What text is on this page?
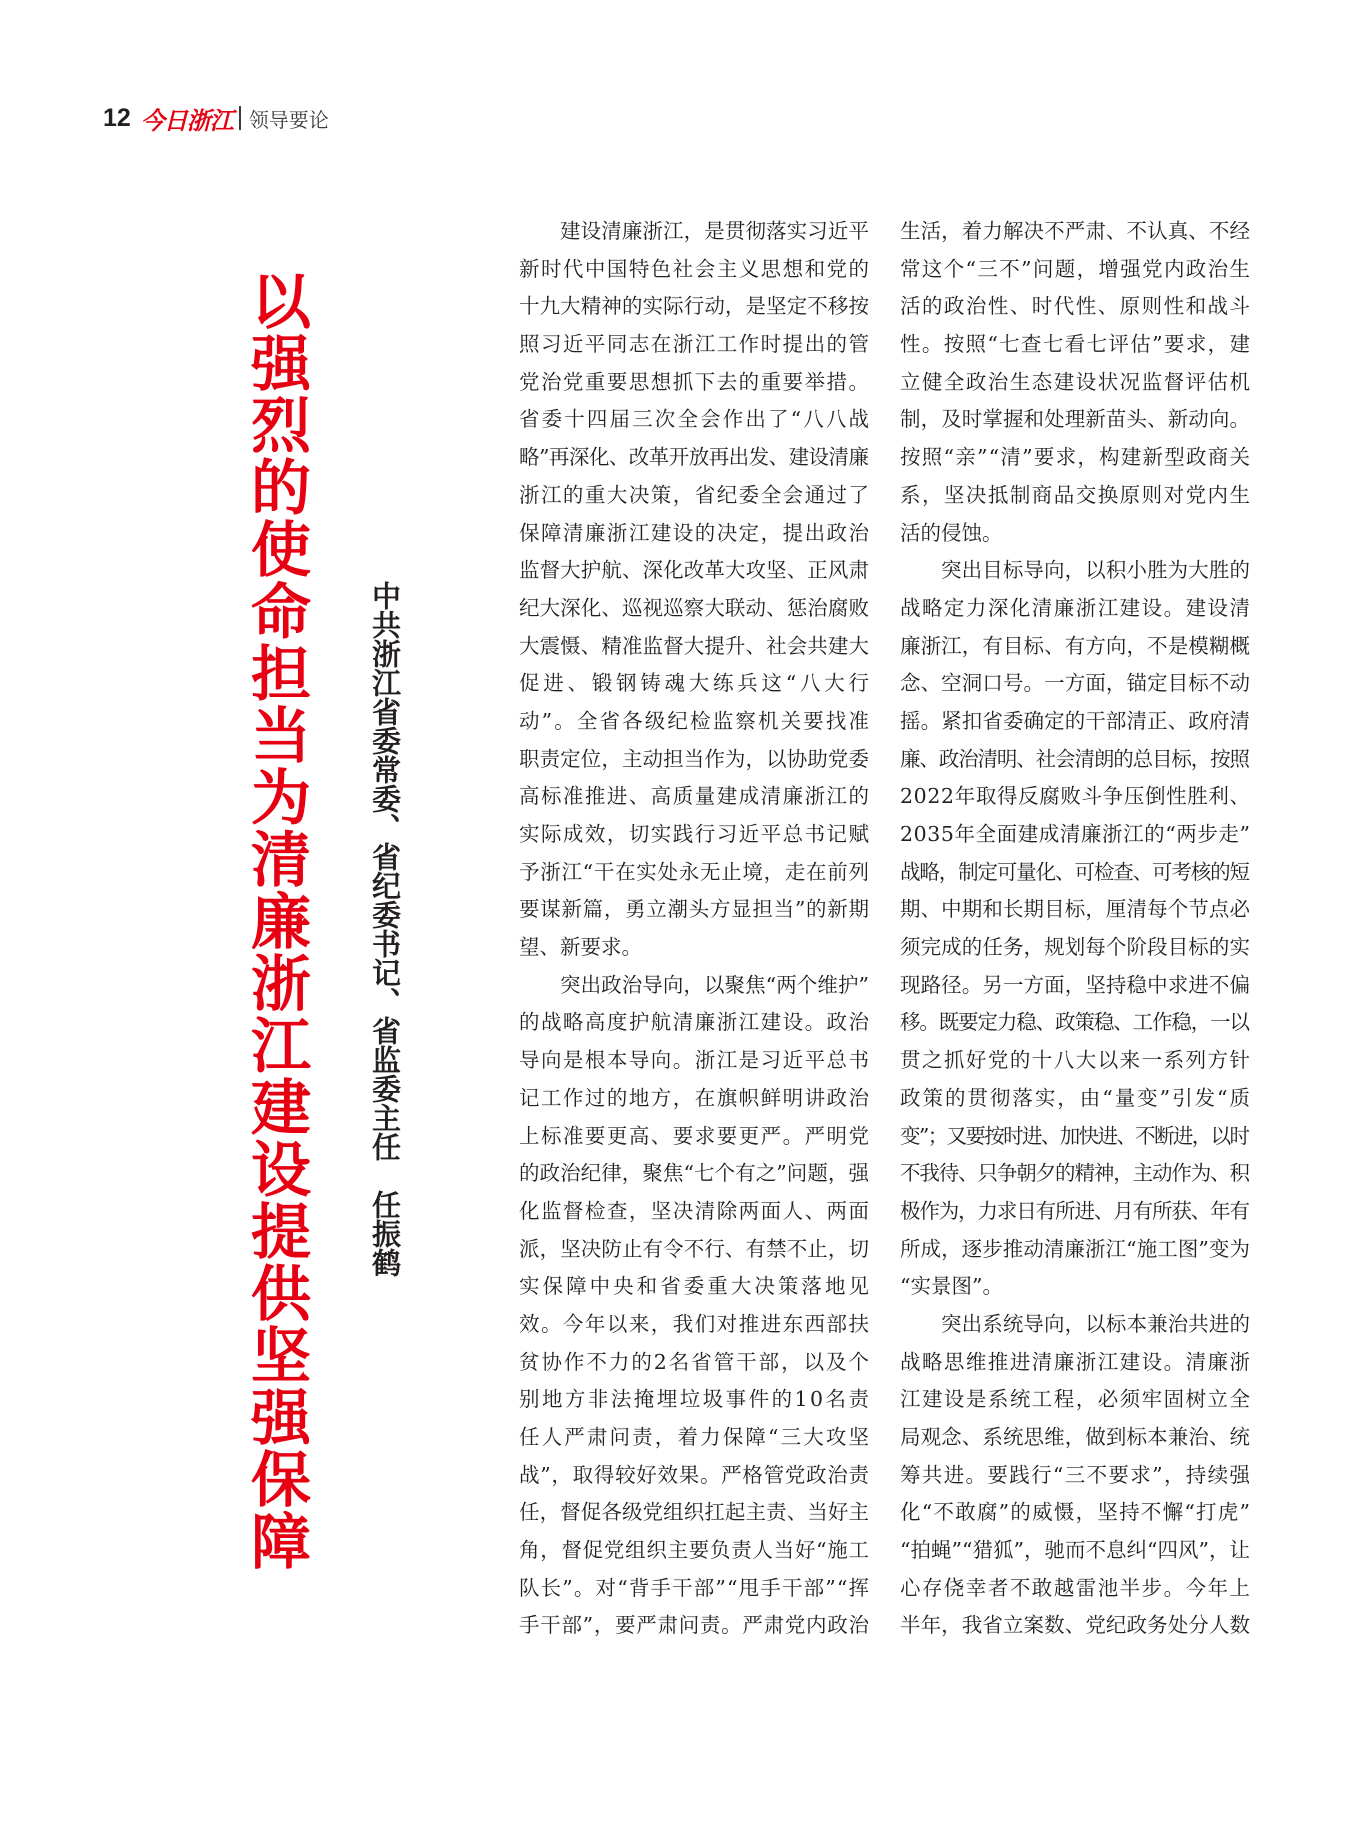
12 今日浙江 领导要论
以强烈的使命担当为清廉浙江建设提供坚强保障 中共浙江省委常委、省纪委书记、省监委主任任振鹤
建设清廉浙江，是贯彻落实习近平
新时代中国特色社会主义思想和党的
十九大精神的实际行动，是坚定不移按
照习近平同志在浙江工作时提出的管
党治党重要思想抓下去的重要举措。
省委十四届三次全会作出了“八八战
略”再深化、改革开放再出发、建设清廉
浙江的重大决策，省纪委全会通过了
保障清廉浙江建设的决定，提出政治
监督大护航、深化改革大攻坚、正风肃
纪大深化、巡视巡察大联动、惩治腐败
大震慑、精准监督大提升、社会共建大
促进、锻钢铸魂大练兵这“八大行
动”。全省各级纪检监察机关要找准
职责定位，主动担当作为，以协助党委
高标准推进、高质量建成清廉浙江的
实际成效，切实践行习近平总书记赋
予浙江“干在实处永无止境，走在前列
要谋新篇，勇立潮头方显担当”的新期
望、新要求。
突出政治导向，以聚焦“两个维护”
的战略高度护航清廉浙江建设。政治
导向是根本导向。浙江是习近平总书
记工作过的地方，在旗帜鲜明讲政治
上标准要更高、要求要更严。严明党
的政治纪律，聚焦“七个有之”问题，强
化监督检查，坚决清除两面人、两面
派，坚决防止有令不行、有禁不止，切
实保障中央和省委重大决策落地见
效。今年以来，我们对推进东西部扶
贫协作不力的2名省管干部，以及个
别地方非法掩埋垃圾事件的10名责
任人严肃问责，着力保障“三大攻坚
战”，取得较好效果。严格管党政治责
任，督促各级党组织扛起主责、当好主
角，督促党组织主要负责人当好“施工
队长”。对“背手干部”“甩手干部”“挥
手干部”，要严肃问责。严肃党内政治
生活，着力解决不严肃、不认真、不经
常这个“三不”问题，增强党内政治生
活的政治性、时代性、原则性和战斗
性。按照“七查七看七评估”要求，建
立健全政治生态建设状况监督评估机
制，及时掌握和处理新苗头、新动向。
按照“亲”“清”要求，构建新型政商关
系，坚决抵制商品交换原则对党内生
活的侵蚀。
突出目标导向，以积小胜为大胜的
战略定力深化清廉浙江建设。建设清
廉浙江，有目标、有方向，不是模糊概
念、空洞口号。一方面，锚定目标不动
摇。紧扣省委确定的干部清正、政府清
廉、政治清明、社会清朗的总目标，按照
2022年取得反腐败斗争压倒性胜利、
2035年全面建成清廉浙江的“两步走”
战略，制定可量化、可检查、可考核的短
期、中期和长期目标，厘清每个节点必
须完成的任务，规划每个阶段目标的实
现路径。另一方面，坚持稳中求进不偏
移。既要定力稳、政策稳、工作稳，一以
贯之抓好党的十八大以来一系列方针
政策的贯彻落实，由“量变”引发“质
变”；又要按时进、加快进、不断进，以时
不我待、只争朝夕的精神，主动作为、积
极作为，力求日有所进、月有所获、年有
所成，逐步推动清廉浙江“施工图”变为
“实景图”。
突出系统导向，以标本兼治共进的
战略思维推进清廉浙江建设。清廉浙
江建设是系统工程，必须牢固树立全
局观念、系统思维，做到标本兼治、统
筹共进。要践行“三不要求”，持续强
化“不敢腐”的威慑，坚持不懈“打虎”
“拍蝇”“猎狐”，驰而不息纠“四风”，让
心存侥幸者不敢越雷池半步。今年上
半年，我省立案数、党纪政务处分人数
